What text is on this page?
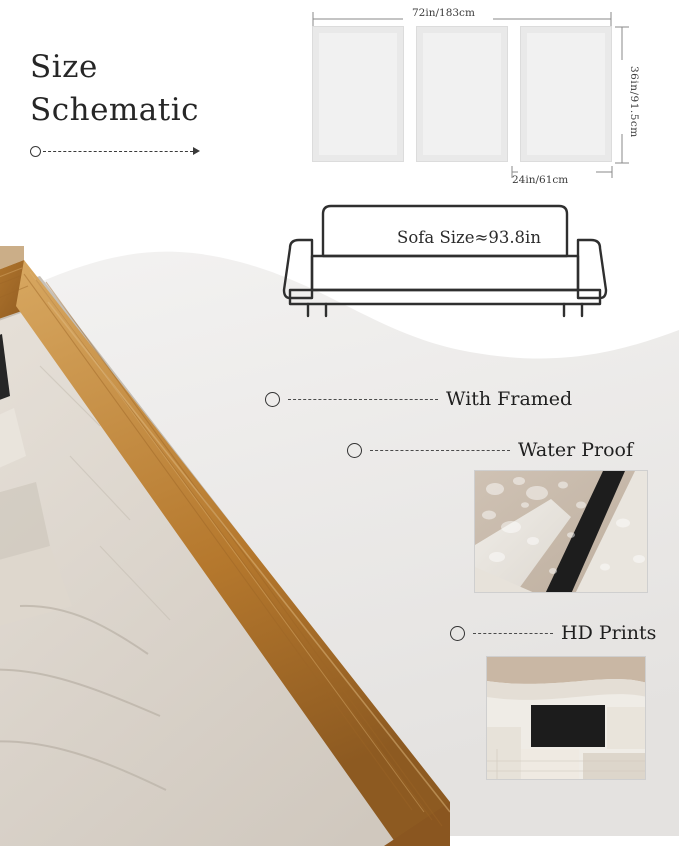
Size
Schematic
72in/183cm
36in/91.5cm
24in/61cm
Sofa Size≈93.8in
With Framed
Water Proof
HD Prints
